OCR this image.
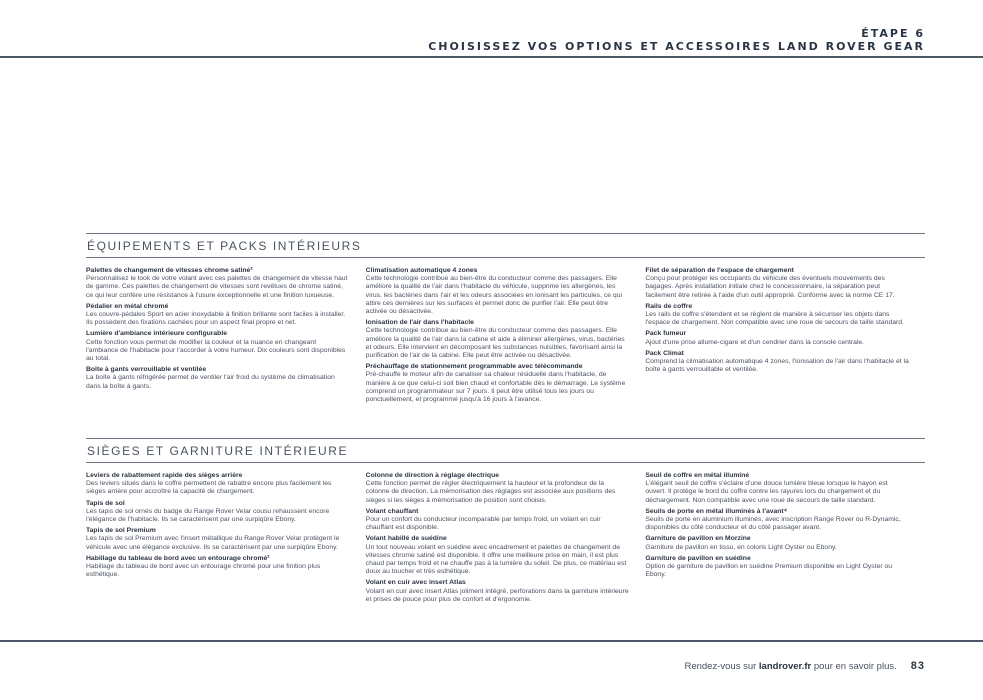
ÉTAPE 6
CHOISISSEZ VOS OPTIONS ET ACCESSOIRES LAND ROVER GEAR
ÉQUIPEMENTS ET PACKS INTÉRIEURS
Palettes de changement de vitesses chrome satiné²

Personnalisez le look de votre volant avec ces palettes de changement de vitesse haut de gamme. Ces palettes de changement de vitesses sont revêtues de chrome satiné, ce qui leur confère une résistance à l'usure exceptionnelle et une finition luxueuse.

Pédalier en métal chromé

Les couvre-pédales Sport en acier inoxydable à finition brillante sont faciles à installer. Ils possèdent des fixations cachées pour un aspect final propre et net.

Lumière d'ambiance intérieure configurable

Cette fonction vous permet de modifier la couleur et la nuance en changeant l'ambiance de l'habitacle pour l'accorder à votre humeur. Dix couleurs sont disponibles au total.

Boîte à gants verrouillable et ventilée

La boîte à gants réfrigérée permet de ventiler l'air froid du système de climatisation dans la boîte à gants.

Climatisation automatique 4 zones

Cette technologie contribue au bien-être du conducteur comme des passagers. Elle améliore la qualité de l'air dans l'habitacle du véhicule, supprime les allergènes, les virus, les bactéries dans l'air et les odeurs associées en ionisant les particules, ce qui attire ces dernières sur les surfaces et permet donc de purifier l'air. Elle peut être activée ou désactivée.

Ionisation de l'air dans l'habitacle

Cette technologie contribue au bien-être du conducteur comme des passagers. Elle améliore la qualité de l'air dans la cabine et aide à éliminer allergènes, virus, bactéries et odeurs. Elle intervient en décomposant les substances nuisibles, favorisant ainsi la purification de l'air de la cabine. Elle peut être activée ou désactivée.

Préchauffage de stationnement programmable avec télécommande

Pré-chauffe le moteur afin de canaliser sa chaleur résiduelle dans l'habitacle, de manière à ce que celui-ci soit bien chaud et confortable dès le démarrage. Le système comprend un programmateur sur 7 jours. Il peut être utilisé tous les jours ou ponctuellement, et programmé jusqu'à 16 jours à l'avance.

Filet de séparation de l'espace de chargement

Conçu pour protéger les occupants du véhicule des éventuels mouvements des bagages. Après installation initiale chez le concessionnaire, la séparation peut facilement être retirée à l'aide d'un outil approprié. Conforme avec la norme CE 17.

Rails de coffre

Les rails de coffre s'étendent et se règlent de manière à sécuriser les objets dans l'espace de chargement. Non compatible avec une roue de secours de taille standard.

Pack fumeur

Ajout d'une prise allume-cigare et d'un cendrier dans la console centrale.

Pack Climat

Comprend la climatisation automatique 4 zones, l'ionisation de l'air dans l'habitacle et la boîte à gants verrouillable et ventilée.

SIÈGES ET GARNITURE INTÉRIEURE
Leviers de rabattement rapide des sièges arrière

Des leviers situés dans le coffre permettent de rabattre encore plus facilement les sièges arrière pour accroître la capacité de chargement.

Tapis de sol

Les tapis de sol ornés du badge du Range Rover Velar cousu rehaussent encore l'élégance de l'habitacle. Ils se caractérisent par une surpiqûre Ebony.

Tapis de sol Premium

Les tapis de sol Premium avec l'insert métallique du Range Rover Velar protègent le véhicule avec une élégance exclusive. Ils se caractérisent par une surpiqûre Ebony.

Habillage du tableau de bord avec un entourage chromé²

Habillage du tableau de bord avec un entourage chromé pour une finition plus esthétique.

Colonne de direction à réglage électrique

Cette fonction permet de régler électriquement la hauteur et la profondeur de la colonne de direction. La mémorisation des réglages est associée aux positions des sièges si les sièges à mémorisation de position sont choisis.

Volant chauffant

Pour un confort du conducteur incomparable par temps froid, un volant en cuir chauffant est disponible.

Volant habillé de suédine

Un tout nouveau volant en suédine avec encadrement et palettes de changement de vitesses chrome satiné est disponible. Il offre une meilleure prise en main, il est plus chaud par temps froid et ne chauffe pas à la lumière du soleil. De plus, ce matériau est doux au toucher et très esthétique.

Volant en cuir avec insert Atlas

Volant en cuir avec insert Atlas joliment intégré, perforations dans la garniture intérieure et prises de pouce pour plus de confort et d'ergonomie.

Seuil de coffre en métal illuminé

L'élégant seuil de coffre s'éclaire d'une douce lumière bleue lorsque le hayon est ouvert. Il protège le bord du coffre contre les rayures lors du chargement et du déchargement. Non compatible avec une roue de secours de taille standard.

Seuils de porte en métal illuminés à l'avant⁴

Seuils de porte en aluminium illuminés, avec inscription Range Rover ou R-Dynamic, disponibles du côté conducteur et du côté passager avant.

Garniture de pavillon en Morzine

Garniture de pavillon en tissu, en coloris Light Oyster ou Ebony.

Garniture de pavillon en suédine

Option de garniture de pavillon en suédine Premium disponible en Light Oyster ou Ebony.

Rendez-vous sur landrover.fr pour en savoir plus. 83
